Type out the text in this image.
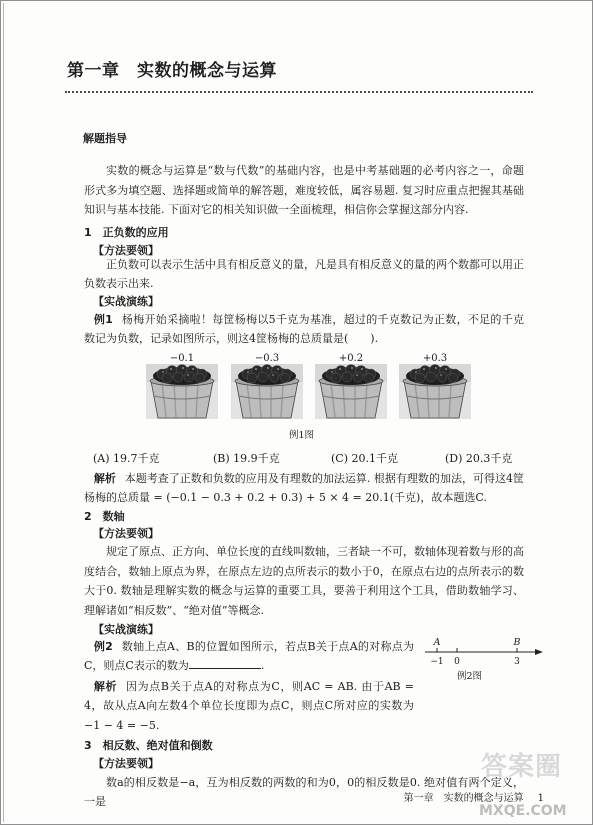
第一章　实数的概念与运算
解题指导
实数的概念与运算是“数与代数”的基础内容，也是中考基础题的必考内容之一，命题形式多为填空题、选择题或简单的解答题，难度较低，属容易题. 复习时应重点把握其基础知识与基本技能. 下面对它的相关知识做一全面梳理，相信你会掌握这部分内容.
1　正负数的应用
【方法要领】
正负数可以表示生活中具有相反意义的量，凡是具有相反意义的量的两个数都可以用正负数表示出来.
【实战演练】
例1 杨梅开始采摘啦！每筐杨梅以5千克为基准，超过的千克数记为正数，不足的千克数记为负数，记录如图所示，则这4筐杨梅的总质量是(　　).
−0.1	−0.3	+0.2	+0.3
例1图
(A) 19.7千克	(B) 19.9千克	(C) 20.1千克	(D) 20.3千克
解析 本题考查了正数和负数的应用及有理数的加法运算. 根据有理数的加法，可得这4筐杨梅的总质量 = (−0.1 − 0.3 + 0.2 + 0.3) + 5 × 4 = 20.1(千克)，故本题选C.
2　数轴
【方法要领】
规定了原点、正方向、单位长度的直线叫数轴，三者缺一不可，数轴体现着数与形的高度结合，数轴上原点为界，在原点左边的点所表示的数小于0，在原点右边的点所表示的数大于0. 数轴是理解实数的概念与运算的重要工具，要善于利用这个工具，借助数轴学习、理解诸如“相反数”、“绝对值”等概念.
【实战演练】
例2 数轴上点A、B的位置如图所示，若点B关于点A的对称点为C，则点C表示的数为	.
A
−1 0
B
3
例2图
解析 因为点B关于点A的对称点为C，则AC = AB. 由于AB = 4，故从点A向左数4个单位长度即为点C，则点C所对应的实数为 −1 − 4 = −5.
3　相反数、绝对值和倒数
【方法要领】
数a的相反数是−a，互为相反数的两数的和为0，0的相反数是0. 绝对值有两个定义，一是
答案圈
第一章　实数的概念与运算 1
MXQE.COM
